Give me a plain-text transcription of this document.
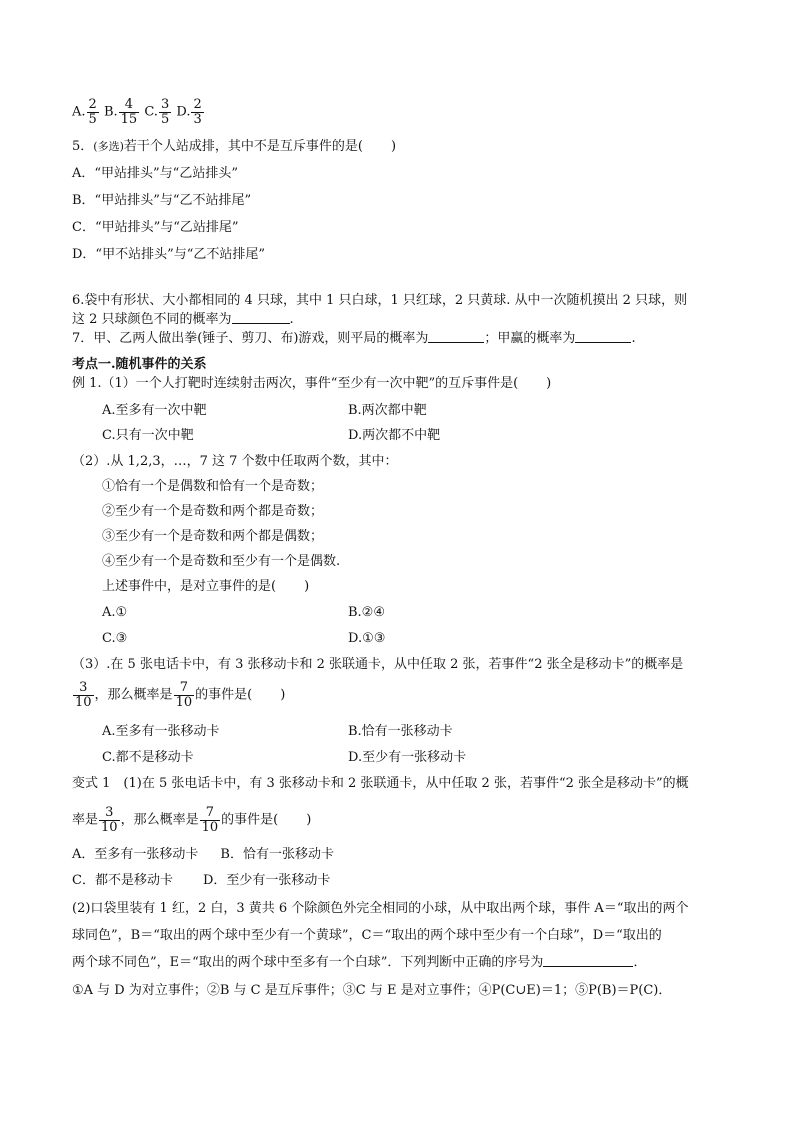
A. $\frac{2}{5} B$. $\frac{4}{15} C$. $\frac{3}{5} D$. $\frac{2}{3}$
5．(多选)若干个人站成排，其中不是互斥事件的是( )
A．“甲站排头”与“乙站排头”
B．“甲站排头”与“乙不站排尾”
C．“甲站排头”与“乙站排尾”
D．“甲不站排头”与“乙不站排尾”
6.袋中有形状、大小都相同的 4 只球，其中 1 只白球，1 只红球，2 只黄球. 从中一次随机摸出 2 只球，则
这 2 只球颜色不同的概率为	.
7．甲、乙两人做出拳(锤子、剪刀、布)游戏，则平局的概率为	；甲赢的概率为	.
考点一.随机事件的关系
例 1.（1）一个人打靶时连续射击两次，事件“至少有一次中靶”的互斥事件是( )
A.至多有一次中靶	B.两次都中靶
C.只有一次中靶	D.两次都不中靶
（2）.从 1,2,3，…，7 这 7 个数中任取两个数，其中：
①恰有一个是偶数和恰有一个是奇数；
②至少有一个是奇数和两个都是奇数；
③至少有一个是奇数和两个都是偶数；
④至少有一个是奇数和至少有一个是偶数.
上述事件中，是对立事件的是( )
A.①	B.②④
C.③	D.①③
（3）.在 5 张电话卡中，有 3 张移动卡和 2 张联通卡，从中任取 2 张，若事件“2 张全是移动卡”的概率是
$\frac{3}{10}$ ，那么概率是 $\frac{7}{10}$ 的事件是( )
A.至多有一张移动卡	B.恰有一张移动卡
C.都不是移动卡	D.至少有一张移动卡
变式 1　(1)在 5 张电话卡中，有 3 张移动卡和 2 张联通卡，从中任取 2 张，若事件“2 张全是移动卡”的概
率是 $\frac{3}{10}$ ，那么概率是 $\frac{7}{10}$ 的事件是( )
A．至多有一张移动卡 B．恰有一张移动卡
C．都不是移动卡 D．至少有一张移动卡
(2)口袋里装有 1 红，2 白，3 黄共 6 个除颜色外完全相同的小球，从中取出两个球，事件 A＝“取出的两个
球同色”，B＝“取出的两个球中至少有一个黄球”，C＝“取出的两个球中至少有一个白球”，D＝“取出的
两个球不同色”，E＝“取出的两个球中至多有一个白球”．下列判断中正确的序号为	．
①A 与 D 为对立事件；②B 与 C 是互斥事件；③C 与 E 是对立事件；④P(C∪E)＝1；⑤P(B)＝P(C)．
